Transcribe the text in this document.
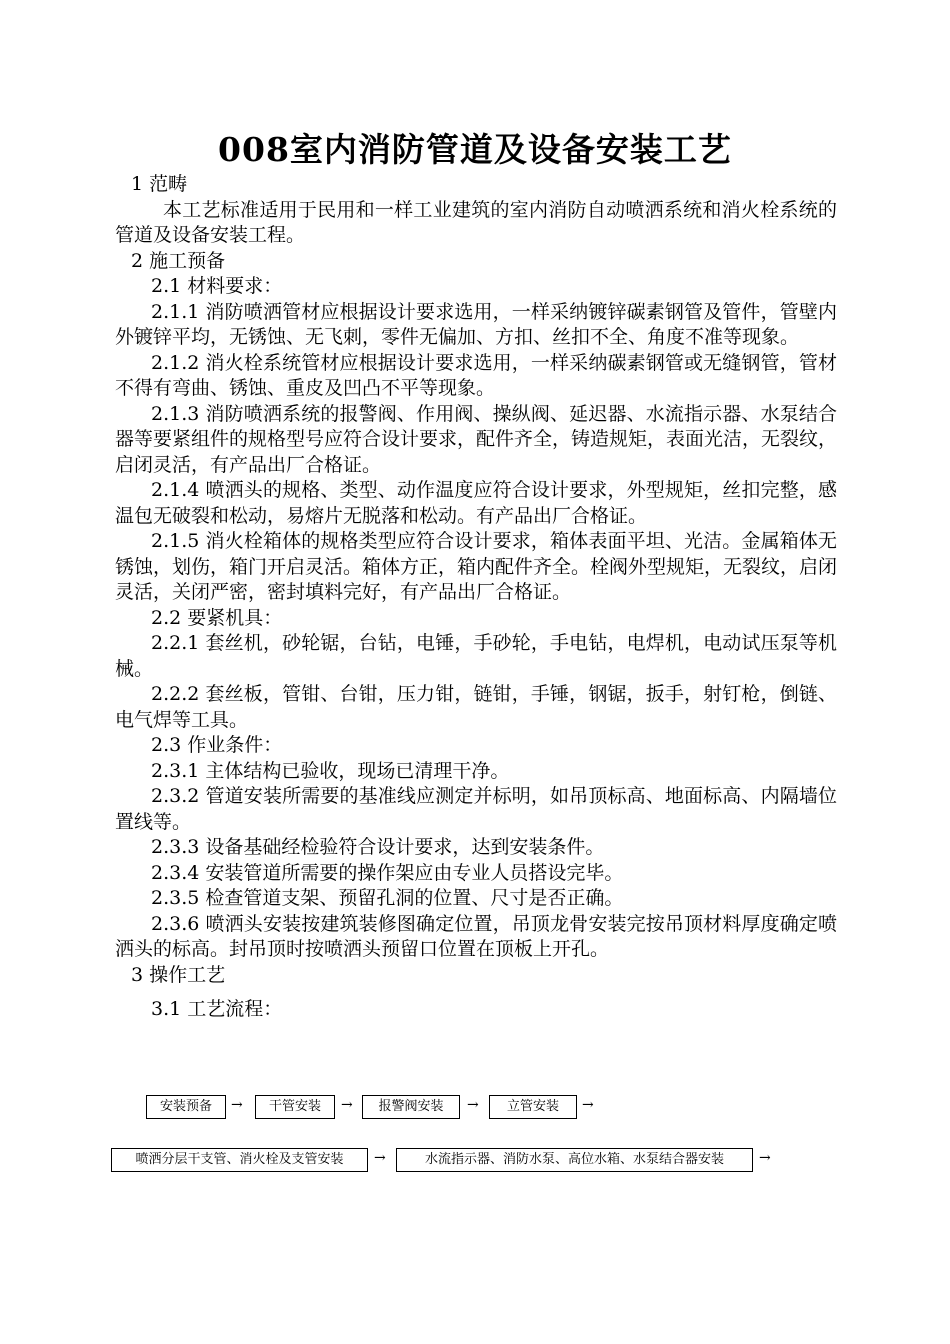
008室内消防管道及设备安装工艺

1 范畴

本工艺标准适用于民用和一样工业建筑的室内消防自动喷洒系统和消火栓系统的管道及设备安装工程。

2 施工预备

2.1 材料要求：

2.1.1 消防喷洒管材应根据设计要求选用，一样采纳镀锌碳素钢管及管件，管壁内外镀锌平均，无锈蚀、无飞刺，零件无偏加、方扣、丝扣不全、角度不准等现象。

2.1.2 消火栓系统管材应根据设计要求选用，一样采纳碳素钢管或无缝钢管，管材不得有弯曲、锈蚀、重皮及凹凸不平等现象。

2.1.3 消防喷洒系统的报警阀、作用阀、操纵阀、延迟器、水流指示器、水泵结合器等要紧组件的规格型号应符合设计要求，配件齐全，铸造规矩，表面光洁，无裂纹，启闭灵活，有产品出厂合格证。

2.1.4 喷洒头的规格、类型、动作温度应符合设计要求，外型规矩，丝扣完整，感温包无破裂和松动，易熔片无脱落和松动。有产品出厂合格证。

2.1.5 消火栓箱体的规格类型应符合设计要求，箱体表面平坦、光洁。金属箱体无锈蚀，划伤，箱门开启灵活。箱体方正，箱内配件齐全。栓阀外型规矩，无裂纹，启闭灵活，关闭严密，密封填料完好，有产品出厂合格证。

2.2 要紧机具：

2.2.1 套丝机，砂轮锯，台钻，电锤，手砂轮，手电钻，电焊机，电动试压泵等机械。

2.2.2 套丝板，管钳、台钳，压力钳，链钳，手锤，钢锯，扳手，射钉枪，倒链、电气焊等工具。

2.3 作业条件：

2.3.1 主体结构已验收，现场已清理干净。

2.3.2 管道安装所需要的基准线应测定并标明，如吊顶标高、地面标高、内隔墙位置线等。

2.3.3 设备基础经检验符合设计要求，达到安装条件。

2.3.4 安装管道所需要的操作架应由专业人员搭设完毕。

2.3.5 检查管道支架、预留孔洞的位置、尺寸是否正确。

2.3.6 喷洒头安装按建筑装修图确定位置，吊顶龙骨安装完按吊顶材料厚度确定喷洒头的标高。封吊顶时按喷洒头预留口位置在顶板上开孔。

3 操作工艺

3.1 工艺流程：

安装预备	→	干管安装	→	报警阀安装	→	立管安装	→
喷洒分层干支管、消火栓及支管安装	→	水流指示器、消防水泵、高位水箱、水泵结合器安装	→
